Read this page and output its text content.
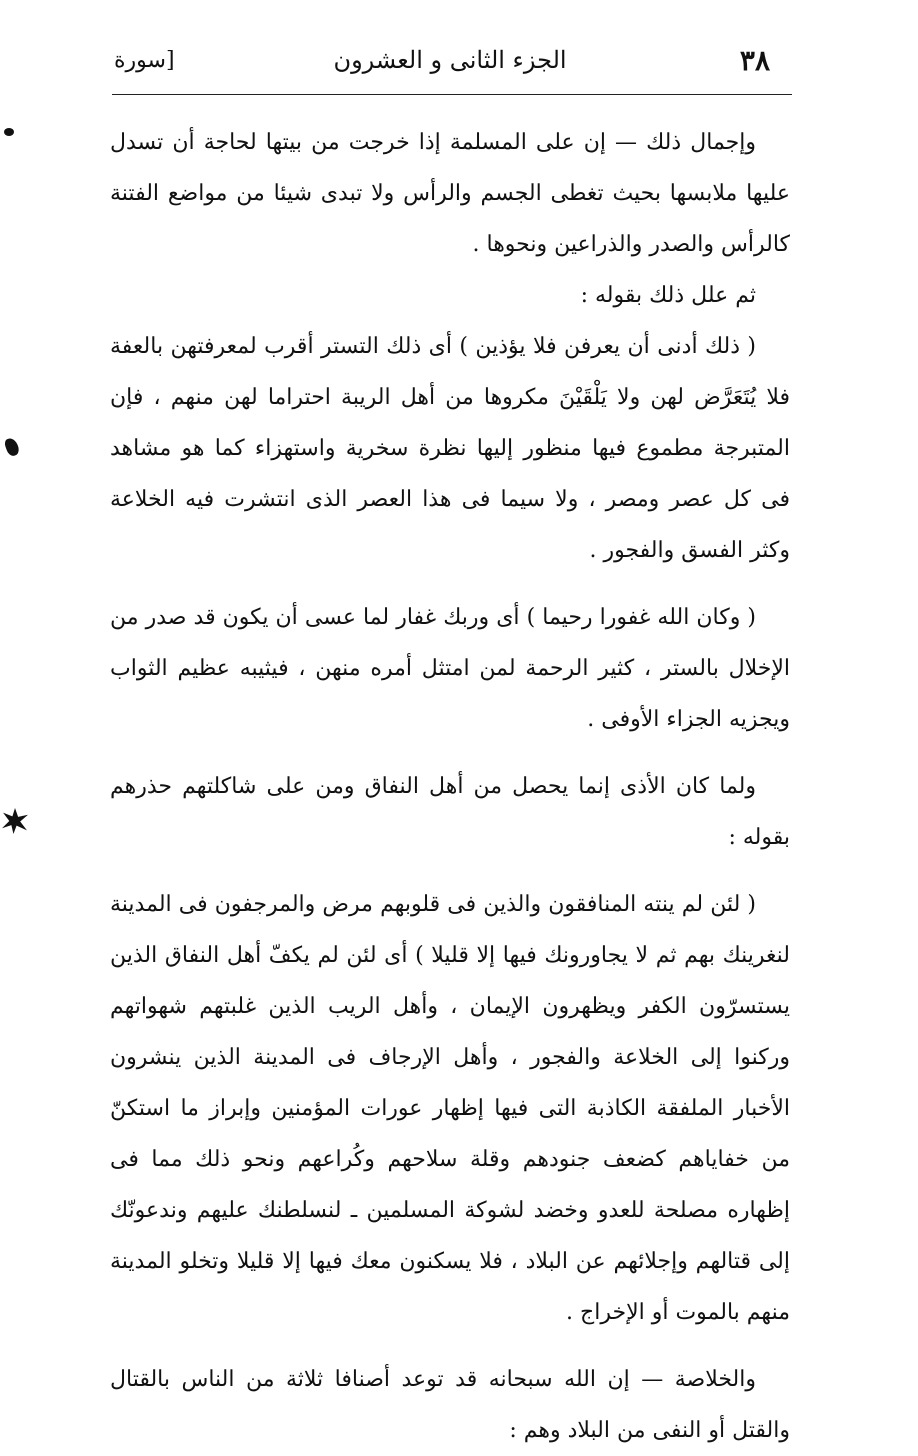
٣٨
الجزء الثانى و العشرون
[سورة

وإجمال ذلك — إن على المسلمة إذا خرجت من بيتها لحاجة أن تسدل عليها ملابسها بحيث تغطى الجسم والرأس ولا تبدى شيئا من مواضع الفتنة كالرأس والصدر والذراعين ونحوها .

ثم علل ذلك بقوله :

( ذلك أدنى أن يعرفن فلا يؤذين ) أى ذلك التستر أقرب لمعرفتهن بالعفة فلا يُتَعَرَّض لهن ولا يَلْقَيْنَ مكروها من أهل الريبة احتراما لهن منهم ، فإن المتبرجة مطموع فيها منظور إليها نظرة سخرية واستهزاء كما هو مشاهد فى كل عصر ومصر ، ولا سيما فى هذا العصر الذى انتشرت فيه الخلاعة وكثر الفسق والفجور .

( وكان الله غفورا رحيما ) أى وربك غفار لما عسى أن يكون قد صدر من الإخلال بالستر ، كثير الرحمة لمن امتثل أمره منهن ، فيثيبه عظيم الثواب ويجزيه الجزاء الأوفى .

ولما كان الأذى إنما يحصل من أهل النفاق ومن على شاكلتهم حذرهم بقوله :

( لئن لم ينته المنافقون والذين فى قلوبهم مرض والمرجفون فى المدينة لنغرينك بهم ثم لا يجاورونك فيها إلا قليلا ) أى لئن لم يكفّ أهل النفاق الذين يستسرّون الكفر ويظهرون الإيمان ، وأهل الريب الذين غلبتهم شهواتهم وركنوا إلى الخلاعة والفجور ، وأهل الإرجاف فى المدينة الذين ينشرون الأخبار الملفقة الكاذبة التى فيها إظهار عورات المؤمنين وإبراز ما استكنّ من خفاياهم كضعف جنودهم وقلة سلاحهم وكُراعهم ونحو ذلك مما فى إظهاره مصلحة للعدو وخضد لشوكة المسلمين ـ لنسلطنك عليهم وندعونّك إلى قتالهم وإجلائهم عن البلاد ، فلا يسكنون معك فيها إلا قليلا وتخلو المدينة منهم بالموت أو الإخراج .

والخلاصة — إن الله سبحانه قد توعد أصنافا ثلاثة من الناس بالقتال والقتل أو النفى من البلاد وهم :
